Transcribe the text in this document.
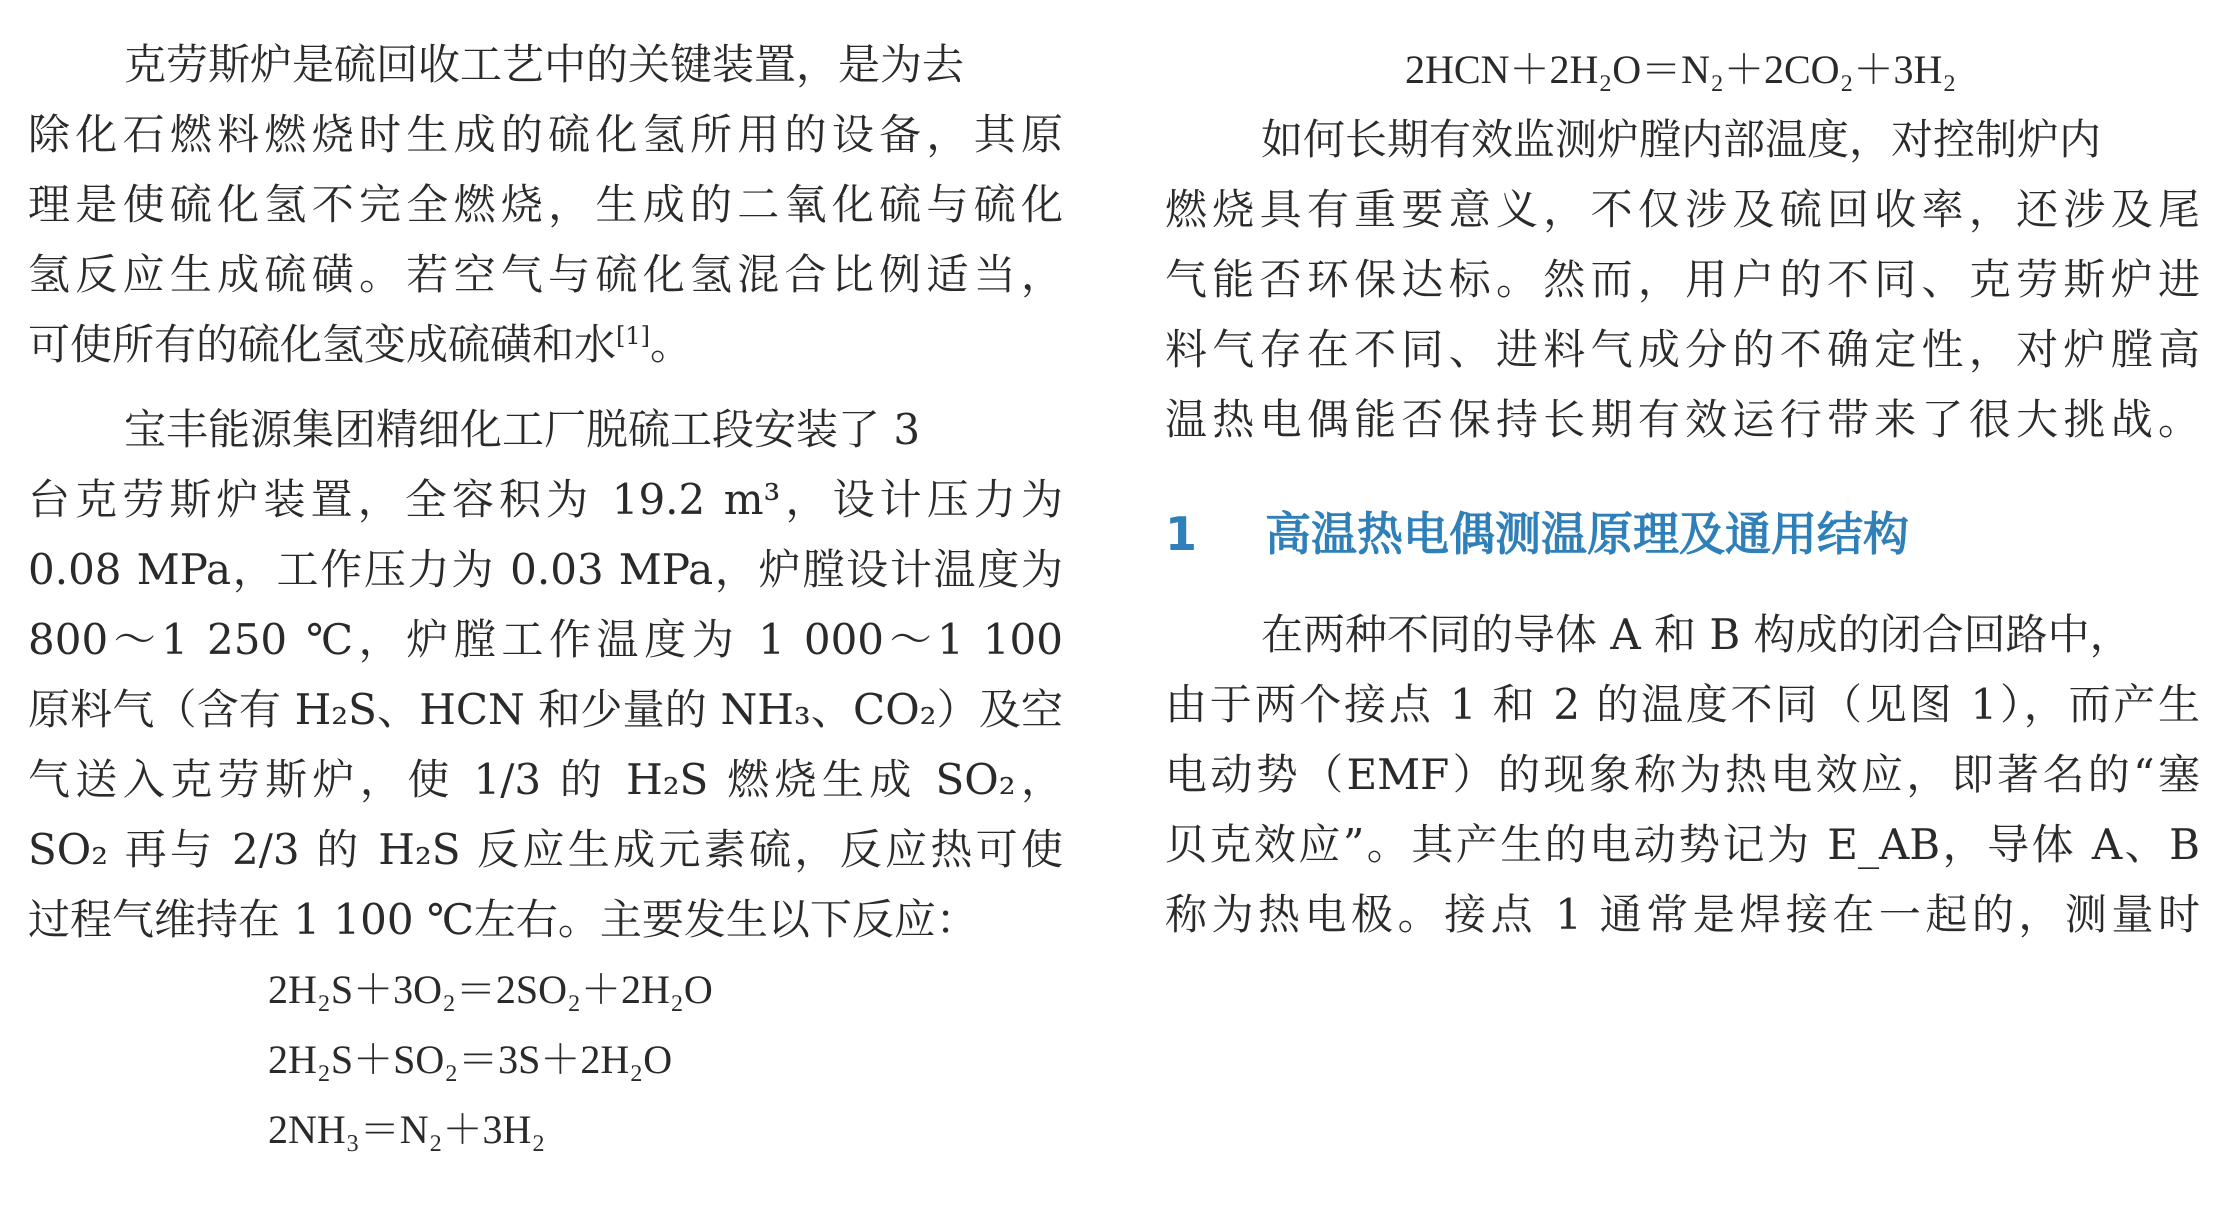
克劳斯炉是硫回收工艺中的关键装置，是为去
除化石燃料燃烧时生成的硫化氢所用的设备，其原
理是使硫化氢不完全燃烧，生成的二氧化硫与硫化
氢反应生成硫磺。若空气与硫化氢混合比例适当，
可使所有的硫化氢变成硫磺和水[1]。
宝丰能源集团精细化工厂脱硫工段安装了 3
台克劳斯炉装置，全容积为 19.2 m³，设计压力为
0.08 MPa，工作压力为 0.03 MPa，炉膛设计温度为
800～1 250 ℃，炉膛工作温度为 1 000～1 100
原料气（含有 H₂S、HCN 和少量的 NH₃、CO₂）及空
气送入克劳斯炉，使 1/3 的 H₂S 燃烧生成 SO₂，
SO₂ 再与 2/3 的 H₂S 反应生成元素硫，反应热可使
过程气维持在 1 100 ℃左右。主要发生以下反应：
2H₂S＋3O₂＝2SO₂＋2H₂O
2H₂S＋SO₂＝3S＋2H₂O
2NH₃＝N₂＋3H₂
2HCN＋2H₂O＝N₂＋2CO₂＋3H₂
如何长期有效监测炉膛内部温度，对控制炉内
燃烧具有重要意义，不仅涉及硫回收率，还涉及尾
气能否环保达标。然而，用户的不同、克劳斯炉进
料气存在不同、进料气成分的不确定性，对炉膛高
温热电偶能否保持长期有效运行带来了很大挑战。
1 高温热电偶测温原理及通用结构
在两种不同的导体 A 和 B 构成的闭合回路中，
由于两个接点 1 和 2 的温度不同（见图 1），而产生
电动势（EMF）的现象称为热电效应，即著名的“塞
贝克效应”。其产生的电动势记为 E_AB，导体 A、B
称为热电极。接点 1 通常是焊接在一起的，测量时
